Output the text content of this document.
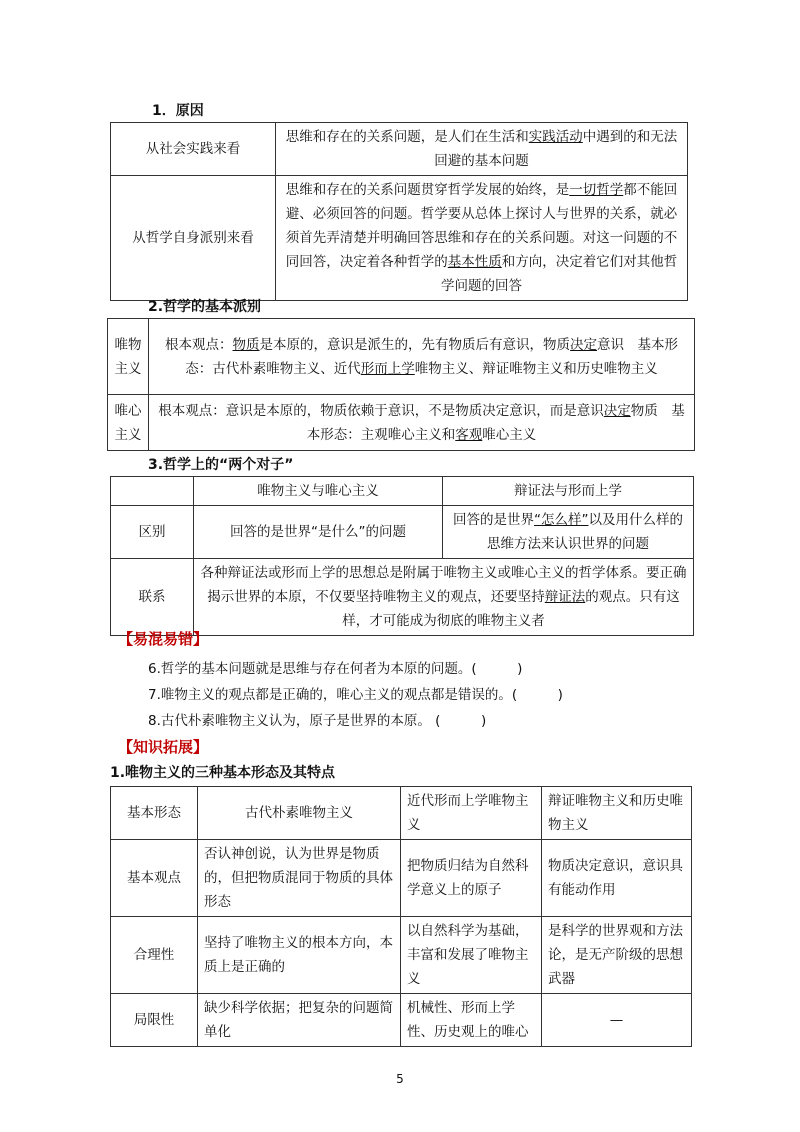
1．原因
从社会实践来看	思维和存在的关系问题，是人们在生活和实践活动中遇到的和无法回避的基本问题
从哲学自身派别来看	思维和存在的关系问题贯穿哲学发展的始终，是一切哲学都不能回避、必须回答的问题。哲学要从总体上探讨人与世界的关系，就必须首先弄清楚并明确回答思维和存在的关系问题。对这一问题的不同回答，决定着各种哲学的基本性质和方向，决定着它们对其他哲学问题的回答
2.哲学的基本派别
唯物主义	根本观点：物质是本原的，意识是派生的，先有物质后有意识，物质决定意识　基本形态：古代朴素唯物主义、近代形而上学唯物主义、辩证唯物主义和历史唯物主义
唯心主义	根本观点：意识是本原的，物质依赖于意识，不是物质决定意识，而是意识决定物质　基本形态：主观唯心主义和客观唯心主义
3.哲学上的“两个对子”
	唯物主义与唯心主义	辩证法与形而上学
区别	回答的是世界“是什么”的问题	回答的是世界“怎么样”以及用什么样的思维方法来认识世界的问题
联系	各种辩证法或形而上学的思想总是附属于唯物主义或唯心主义的哲学体系。要正确揭示世界的本原，不仅要坚持唯物主义的观点，还要坚持辩证法的观点。只有这样，才可能成为彻底的唯物主义者	
【易混易错】
6.哲学的基本问题就是思维与存在何者为本原的问题。(　　　)
7.唯物主义的观点都是正确的，唯心主义的观点都是错误的。(　　　)
8.古代朴素唯物主义认为，原子是世界的本原。 (　　　)
【知识拓展】
1.唯物主义的三种基本形态及其特点
基本形态	古代朴素唯物主义	近代形而上学唯物主义	辩证唯物主义和历史唯物主义
基本观点	否认神创说，认为世界是物质的，但把物质混同于物质的具体形态	把物质归结为自然科学意义上的原子	物质决定意识，意识具有能动作用
合理性	坚持了唯物主义的根本方向，本质上是正确的	以自然科学为基础，丰富和发展了唯物主义	是科学的世界观和方法论，是无产阶级的思想武器
局限性	缺少科学依据；把复杂的问题简单化	机械性、形而上学性、历史观上的唯心	—
5
